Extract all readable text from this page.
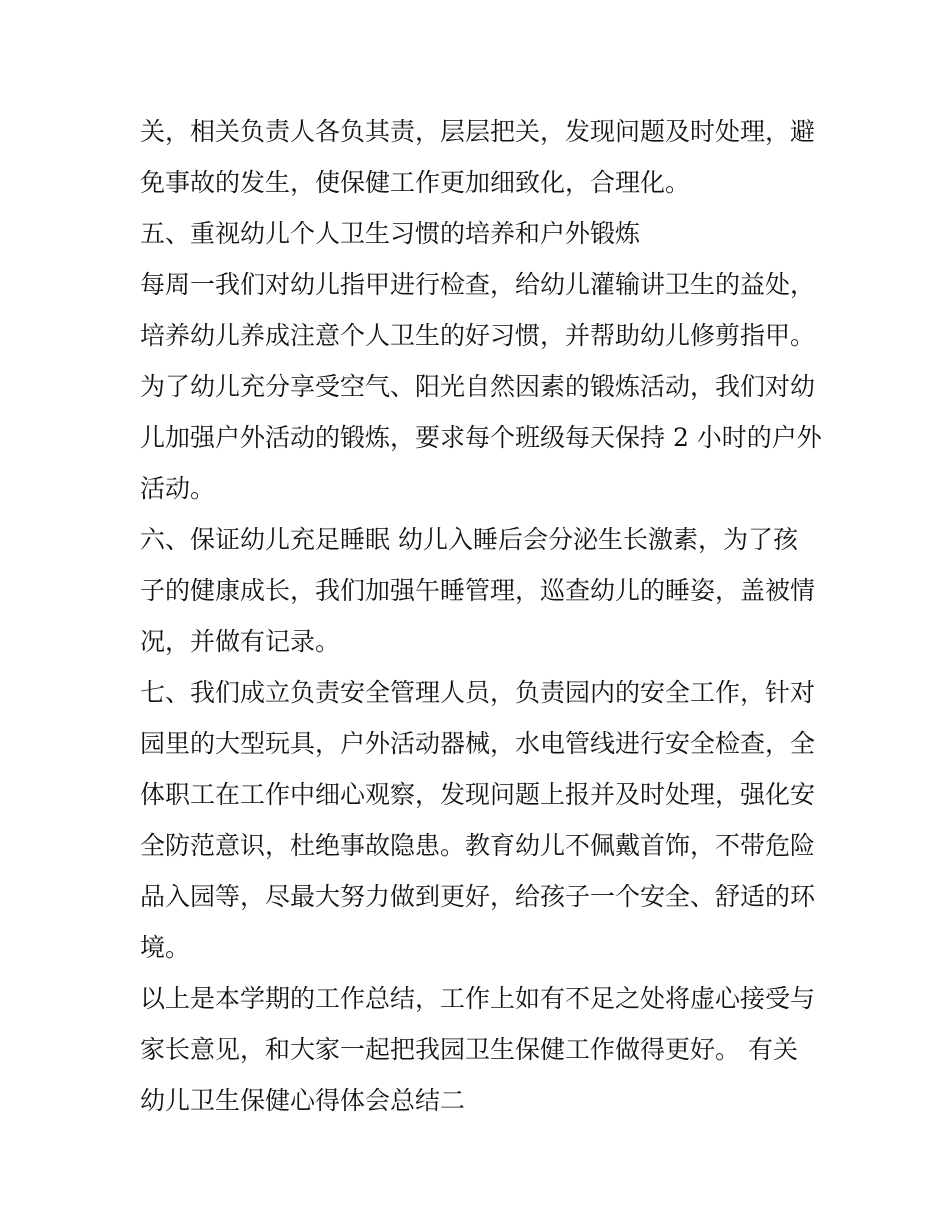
关，相关负责人各负其责，层层把关，发现问题及时处理，避
免事故的发生，使保健工作更加细致化，合理化。
五、重视幼儿个人卫生习惯的培养和户外锻炼
每周一我们对幼儿指甲进行检查，给幼儿灌输讲卫生的益处，
培养幼儿养成注意个人卫生的好习惯，并帮助幼儿修剪指甲。
为了幼儿充分享受空气、阳光自然因素的锻炼活动，我们对幼
儿加强户外活动的锻炼，要求每个班级每天保持 2 小时的户外
活动。
六、保证幼儿充足睡眠 幼儿入睡后会分泌生长激素，为了孩
子的健康成长，我们加强午睡管理，巡查幼儿的睡姿，盖被情
况，并做有记录。
七、我们成立负责安全管理人员，负责园内的安全工作，针对
园里的大型玩具，户外活动器械，水电管线进行安全检查，全
体职工在工作中细心观察，发现问题上报并及时处理，强化安
全防范意识，杜绝事故隐患。教育幼儿不佩戴首饰，不带危险
品入园等，尽最大努力做到更好，给孩子一个安全、舒适的环
境。
以上是本学期的工作总结，工作上如有不足之处将虚心接受与
家长意见，和大家一起把我园卫生保健工作做得更好。 有关
幼儿卫生保健心得体会总结二
